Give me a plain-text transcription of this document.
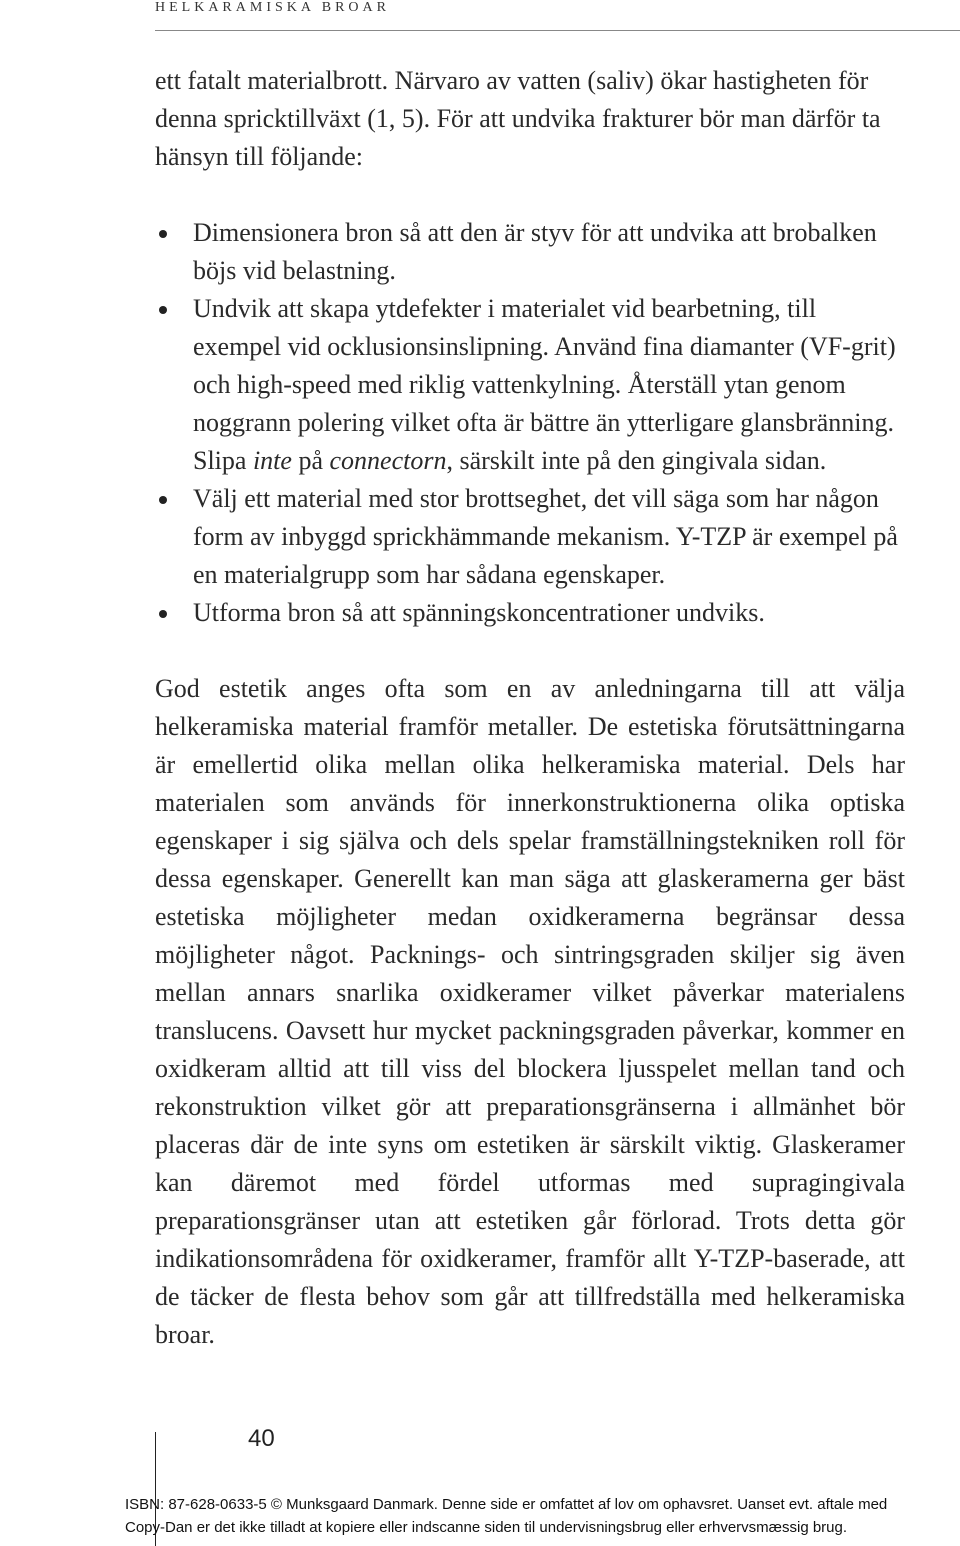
HELKARAMISKA BROAR

ett fatalt materialbrott. Närvaro av vatten (saliv) ökar hastigheten för denna spricktillväxt (1, 5). För att undvika frakturer bör man därför ta hänsyn till följande:

Dimensionera bron så att den är styv för att undvika att brobalken böjs vid belastning.
Undvik att skapa ytdefekter i materialet vid bearbetning, till exempel vid ocklusionsinslipning. Använd fina diamanter (VF-grit) och high-speed med riklig vattenkylning. Återställ ytan genom noggrann polering vilket ofta är bättre än ytterligare glansbränning. Slipa inte på connectorn, särskilt inte på den gingivala sidan.
Välj ett material med stor brottseghet, det vill säga som har någon form av inbyggd sprickhämmande mekanism. Y-TZP är exempel på en materialgrupp som har sådana egenskaper.
Utforma bron så att spänningskoncentrationer undviks.

God estetik anges ofta som en av anledningarna till att välja helkeramiska material framför metaller. De estetiska förutsättningarna är emellertid olika mellan olika helkeramiska material. Dels har materialen som används för innerkonstruktionerna olika optiska egenskaper i sig själva och dels spelar framställningstekniken roll för dessa egenskaper. Generellt kan man säga att glaskeramerna ger bäst estetiska möjligheter medan oxidkeramerna begränsar dessa möjligheter något. Packnings- och sintringsgraden skiljer sig även mellan annars snarlika oxidkeramer vilket påverkar materialens translucens. Oavsett hur mycket packningsgraden påverkar, kommer en oxidkeram alltid att till viss del blockera ljusspelet mellan tand och rekonstruktion vilket gör att preparationsgränserna i allmänhet bör placeras där de inte syns om estetiken är särskilt viktig. Glaskeramer kan däremot med fördel utformas med supragingivala preparationsgränser utan att estetiken går förlorad. Trots detta gör indikationsområdena för oxidkeramer, framför allt Y-TZP-baserade, att de täcker de flesta behov som går att tillfredställa med helkeramiska broar.

40
ISBN: 87-628-0633-5 © Munksgaard Danmark. Denne side er omfattet af lov om ophavsret. Uanset evt. aftale med
Copy-Dan er det ikke tilladt at kopiere eller indscanne siden til undervisningsbrug eller erhvervsmæssig brug.
